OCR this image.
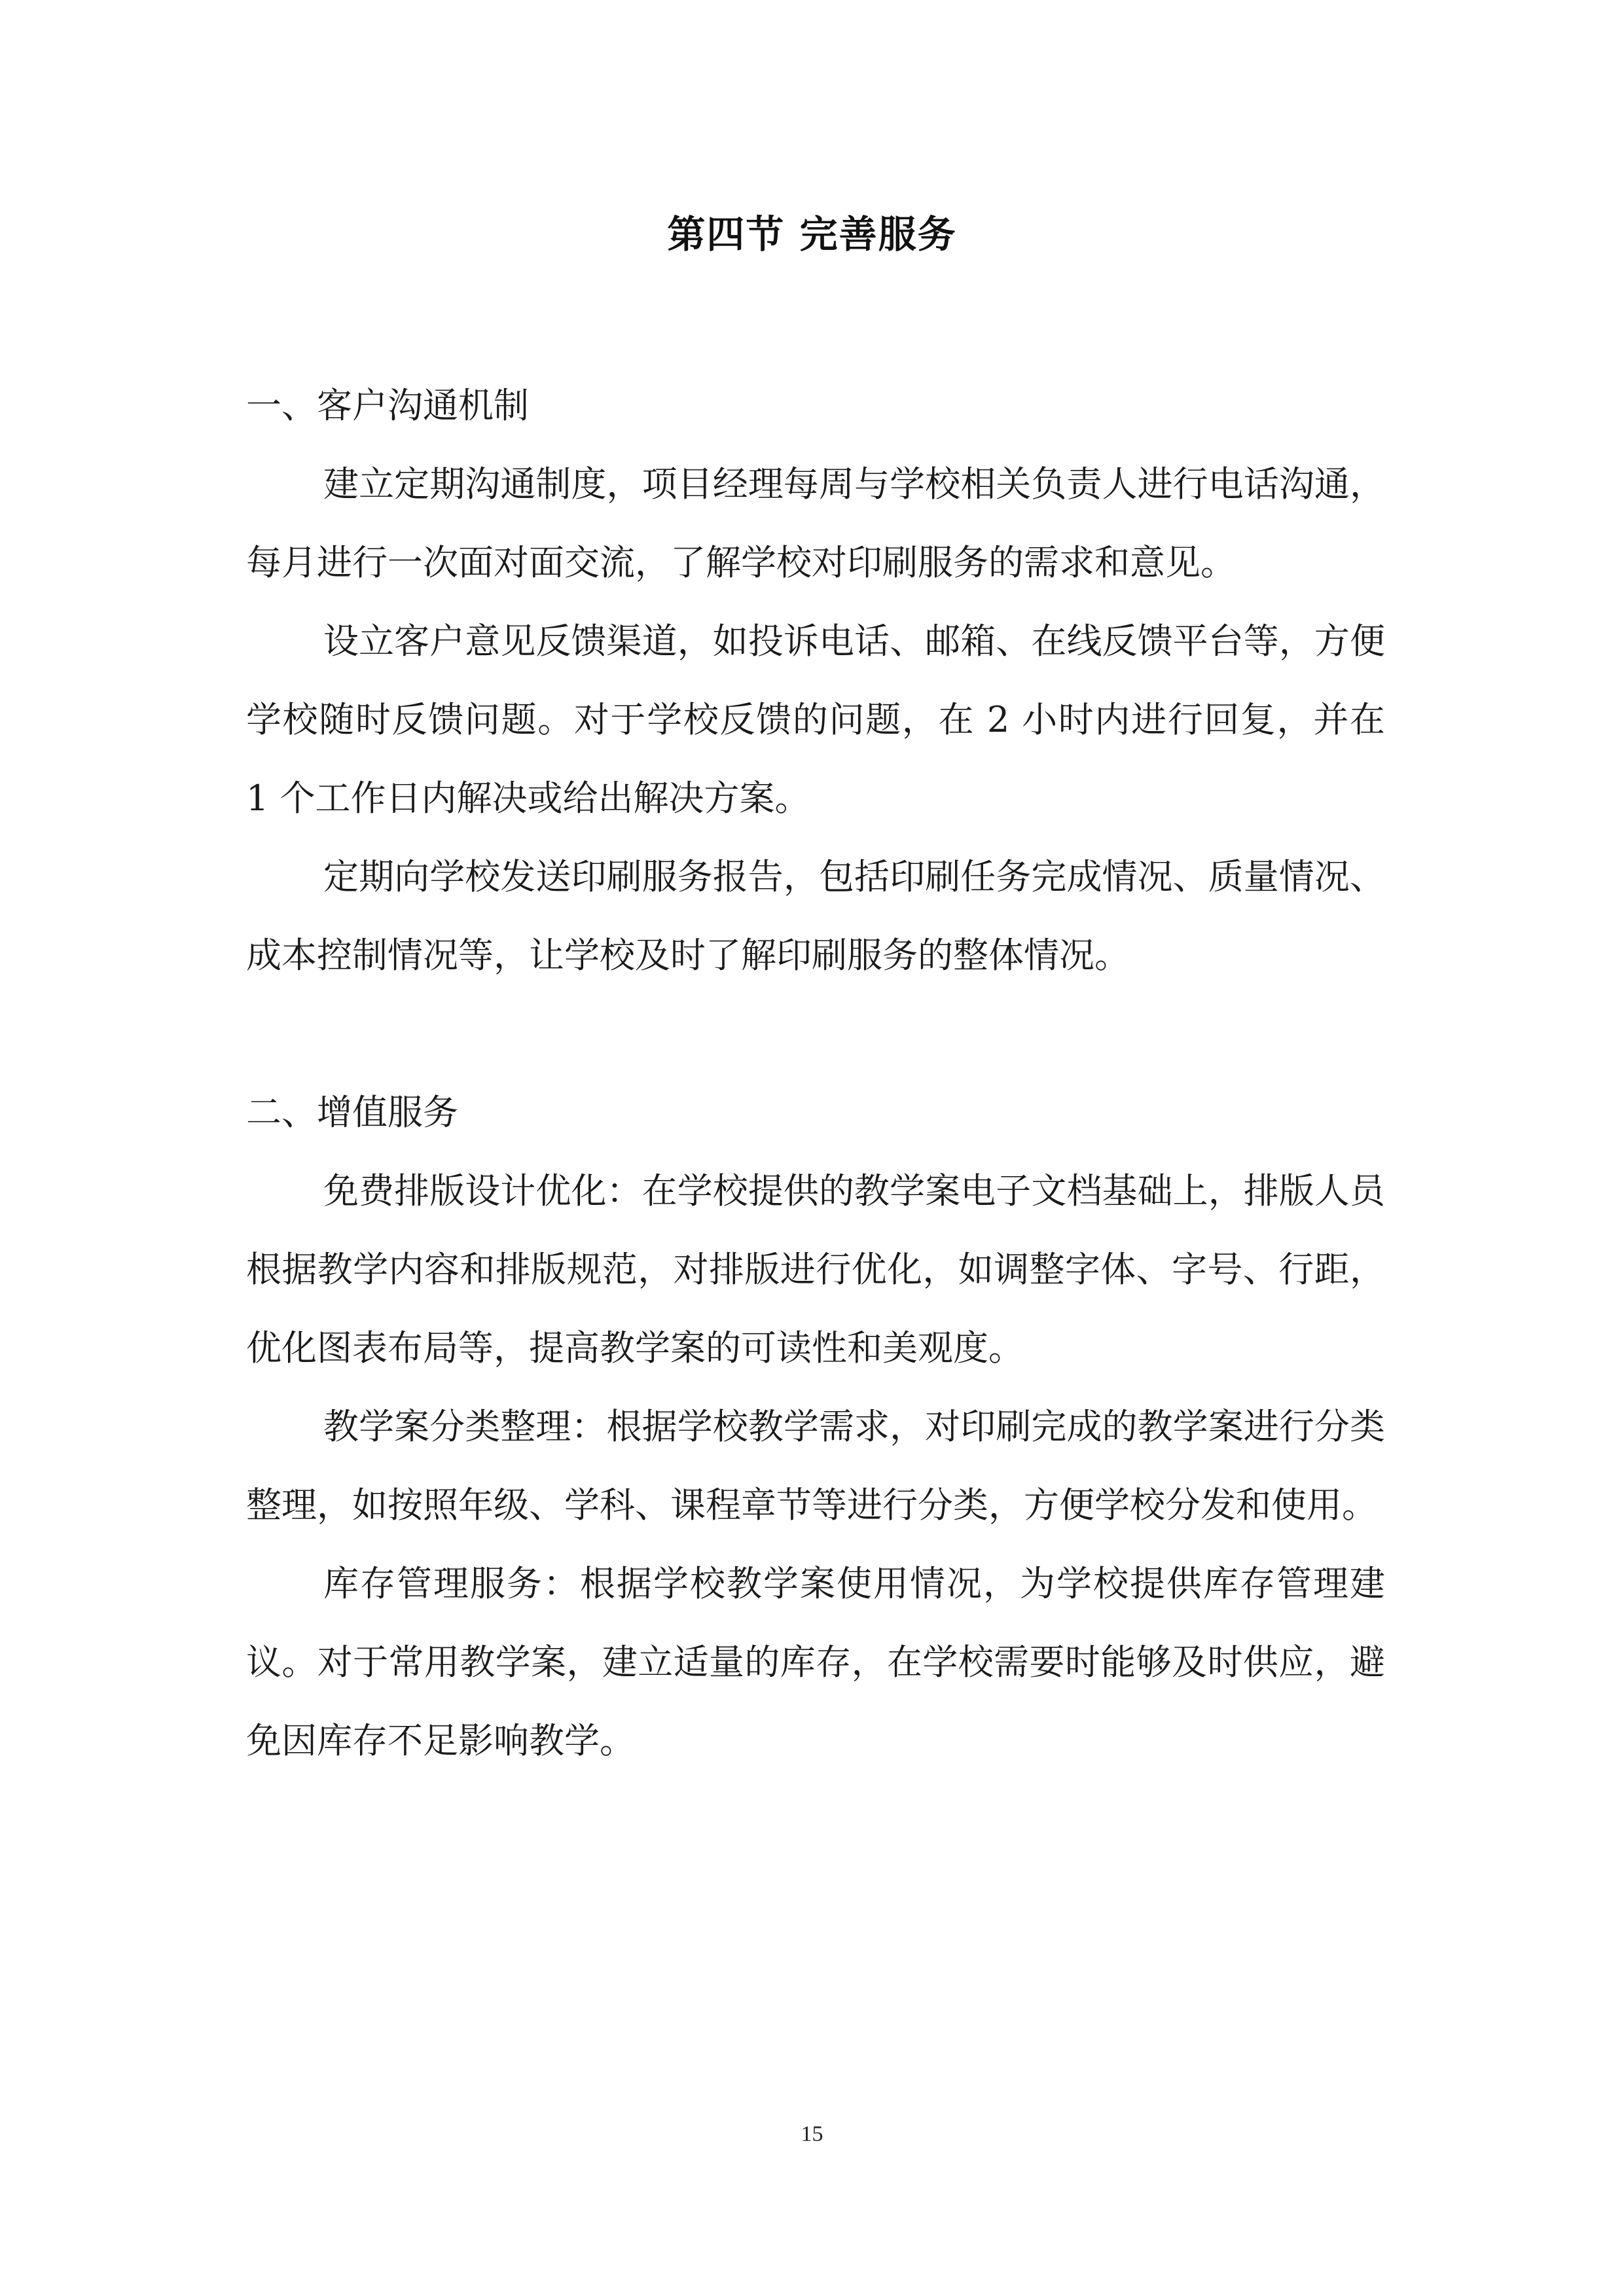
第四节 完善服务

一、客户沟通机制

建立定期沟通制度，项目经理每周与学校相关负责人进行电话沟通，每月进行一次面对面交流，了解学校对印刷服务的需求和意见。

设立客户意见反馈渠道，如投诉电话、邮箱、在线反馈平台等，方便学校随时反馈问题。对于学校反馈的问题，在 2 小时内进行回复，并在 1 个工作日内解决或给出解决方案。

定期向学校发送印刷服务报告，包括印刷任务完成情况、质量情况、成本控制情况等，让学校及时了解印刷服务的整体情况。

二、增值服务

免费排版设计优化：在学校提供的教学案电子文档基础上，排版人员根据教学内容和排版规范，对排版进行优化，如调整字体、字号、行距，优化图表布局等，提高教学案的可读性和美观度。

教学案分类整理：根据学校教学需求，对印刷完成的教学案进行分类整理，如按照年级、学科、课程章节等进行分类，方便学校分发和使用。

库存管理服务：根据学校教学案使用情况，为学校提供库存管理建议。对于常用教学案，建立适量的库存，在学校需要时能够及时供应，避免因库存不足影响教学。

15
